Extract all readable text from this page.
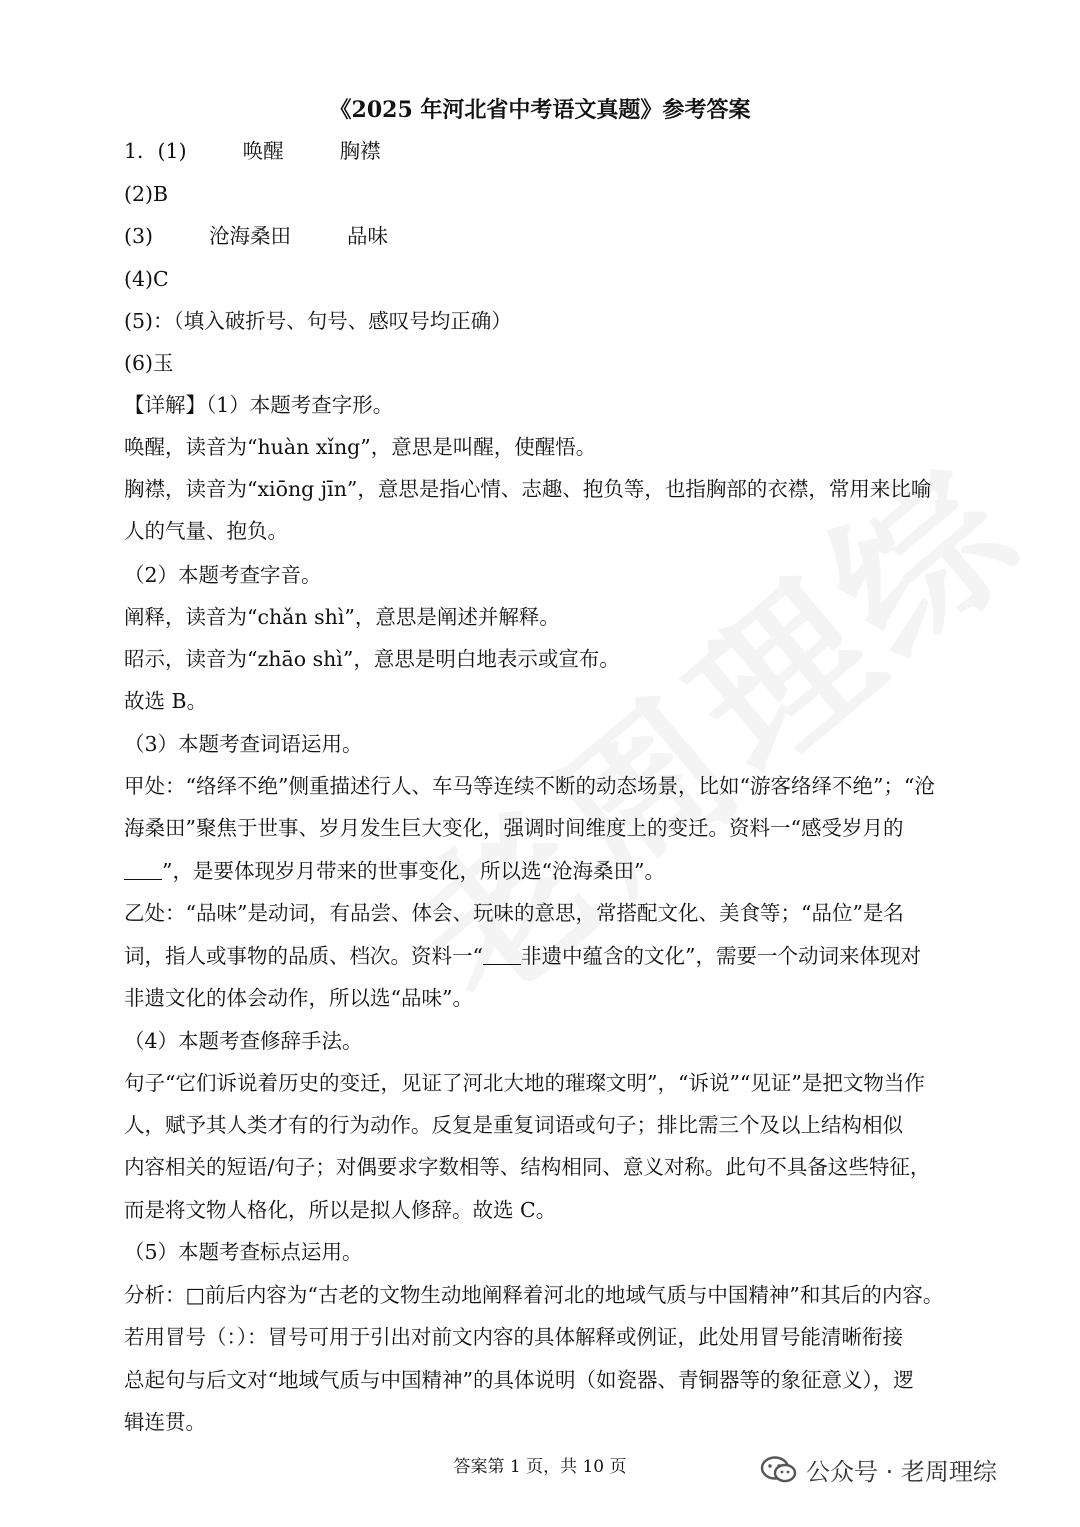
《2025 年河北省中考语文真题》参考答案
1．(1)	唤醒	胸襟
(2)B
(3)	沧海桑田	品味
(4)C
(5)：（填入破折号、句号、感叹号均正确）
(6)玉
【详解】（1）本题考查字形。
唤醒，读音为“huàn xǐng”，意思是叫醒，使醒悟。
胸襟，读音为“xiōng jīn”，意思是指心情、志趣、抱负等，也指胸部的衣襟，常用来比喻
人的气量、抱负。
（2）本题考查字音。
阐释，读音为“chǎn shì”，意思是阐述并解释。
昭示，读音为“zhāo shì”，意思是明白地表示或宣布。
故选 B。
（3）本题考查词语运用。
甲处：“络绎不绝”侧重描述行人、车马等连续不断的动态场景，比如“游客络绎不绝”；“沧
海桑田”聚焦于世事、岁月发生巨大变化，强调时间维度上的变迁。资料一“感受岁月的
”，是要体现岁月带来的世事变化，所以选“沧海桑田”。
乙处：“品味”是动词，有品尝、体会、玩味的意思，常搭配文化、美食等；“品位”是名
词，指人或事物的品质、档次。资料一“ 非遗中蕴含的文化”，需要一个动词来体现对
非遗文化的体会动作，所以选“品味”。
（4）本题考查修辞手法。
句子“它们诉说着历史的变迁，见证了河北大地的璀璨文明”，“诉说”“见证”是把文物当作
人，赋予其人类才有的行为动作。反复是重复词语或句子；排比需三个及以上结构相似
内容相关的短语/句子；对偶要求字数相等、结构相同、意义对称。此句不具备这些特征，
而是将文物人格化，所以是拟人修辞。故选 C。
（5）本题考查标点运用。
分析：□前后内容为“古老的文物生动地阐释着河北的地域气质与中国精神”和其后的内容。
若用冒号（：）：冒号可用于引出对前文内容的具体解释或例证，此处用冒号能清晰衔接
总起句与后文对“地域气质与中国精神”的具体说明（如瓷器、青铜器等的象征意义），逻
辑连贯。
答案第 1 页，共 10 页	公众号 · 老周理综
